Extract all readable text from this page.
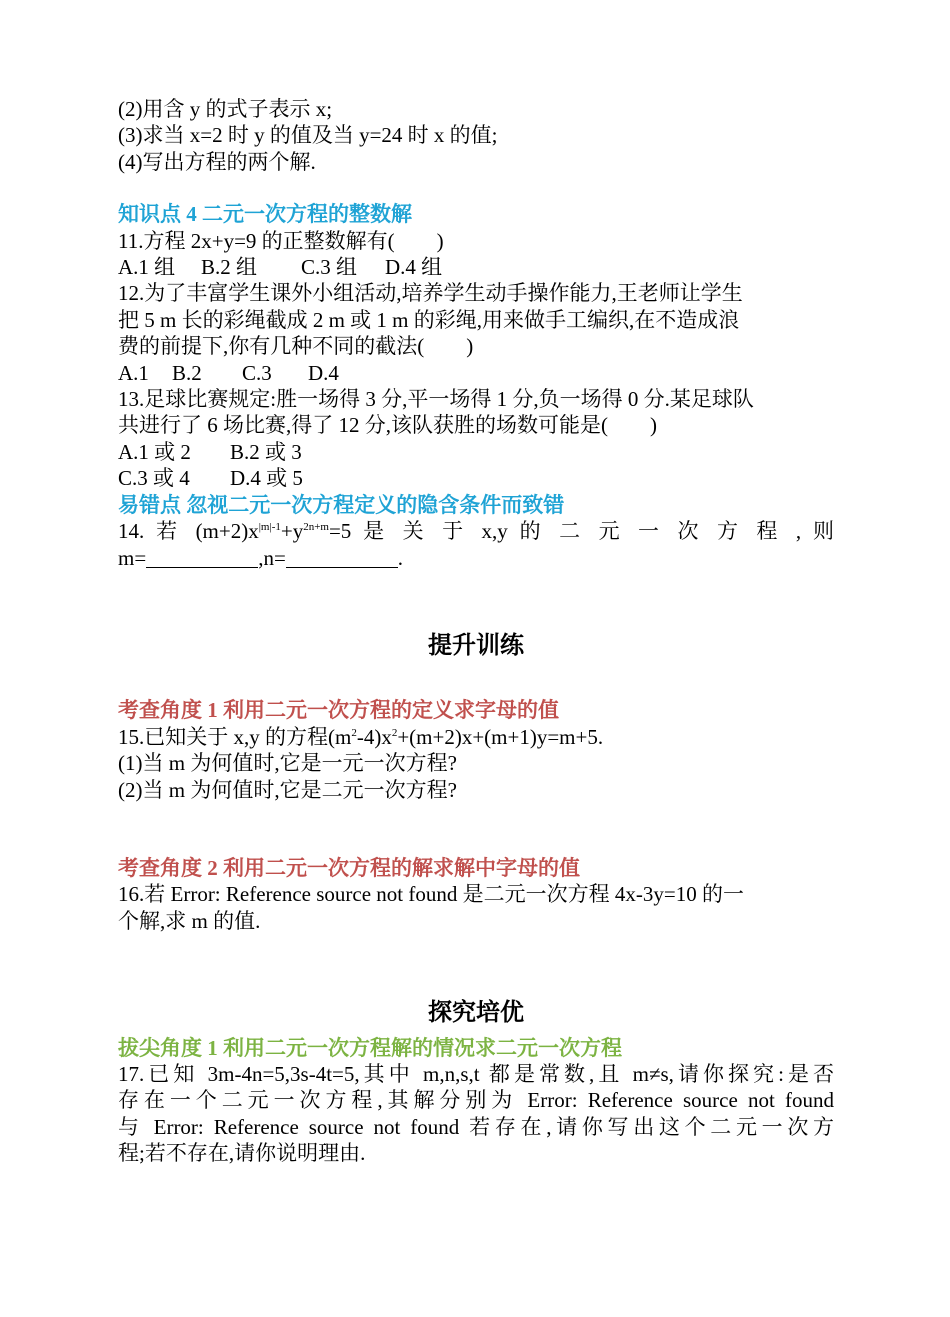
(2)用含 y 的式子表示 x;
(3)求当 x=2 时 y 的值及当 y=24 时 x 的值;
(4)写出方程的两个解.
知识点 4 二元一次方程的整数解
11.方程 2x+y=9 的正整数解有(　　)
A.1 组 B.2 组 C.3 组 D.4 组
12.为了丰富学生课外小组活动,培养学生动手操作能力,王老师让学生
把 5 m 长的彩绳截成 2 m 或 1 m 的彩绳,用来做手工编织,在不造成浪
费的前提下,你有几种不同的截法(　　)
A.1 B.2 C.3 D.4
13.足球比赛规定:胜一场得 3 分,平一场得 1 分,负一场得 0 分.某足球队
共进行了 6 场比赛,得了 12 分,该队获胜的场数可能是(　　)
A.1 或 2 B.2 或 3
C.3 或 4 D.4 或 5
易错点 忽视二元一次方程定义的隐含条件而致错
14. 若 $(m+2)x^{|m|-1}+y^{2n+m}=5$ 是 关 于 x,y 的 二 元 一 次 方 程 , 则
m=	,n=	.
提升训练
考查角度 1 利用二元一次方程的定义求字母的值
15.已知关于 x,y 的方程$(m^2-4)x^2+(m+2)x+(m+1)y=m+5$.
(1)当 m 为何值时,它是一元一次方程?
(2)当 m 为何值时,它是二元一次方程?
考查角度 2 利用二元一次方程的解求解中字母的值
16.若 Error: Reference source not found 是二元一次方程 4x-3y=10 的一
个解,求 m 的值.
探究培优
拔尖角度 1 利用二元一次方程解的情况求二元一次方程
17.已知 3m-4n=5,3s-4t=5,其中 m,n,s,t 都是常数,且 m≠s,请你探究:是否
存在一个二元一次方程,其解分别为 Error: Reference source not found
与 Error: Reference source not found 若存在,请你写出这个二元一次方
程;若不存在,请你说明理由.
